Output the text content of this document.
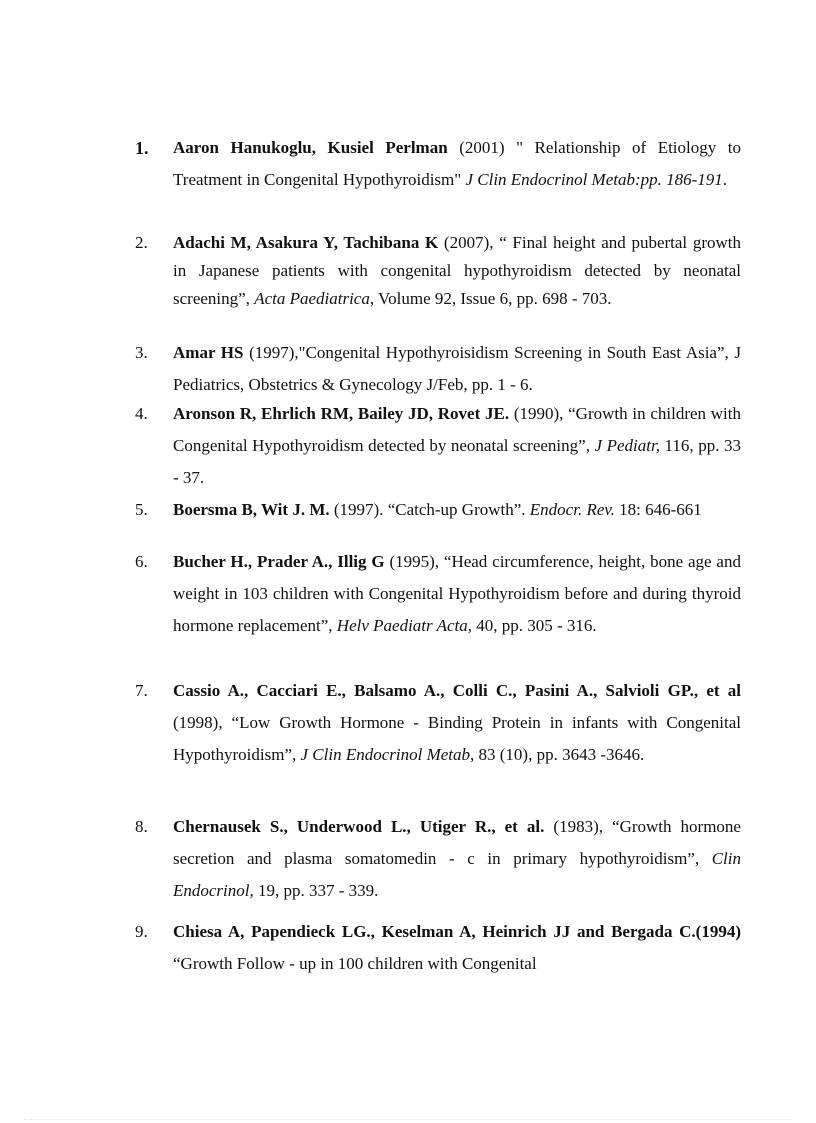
1.	Aaron Hanukoglu, Kusiel Perlman (2001) " Relationship of Etiology to Treatment in Congenital Hypothyroidism" J Clin Endocrinol Metab:pp. 186-191.
2.	Adachi M, Asakura Y, Tachibana K (2007), “ Final height and pubertal growth in Japanese patients with congenital hypothyroidism detected by neonatal screening”, Acta Paediatrica, Volume 92, Issue 6, pp. 698 - 703.
3.	Amar HS (1997),"Congenital Hypothyroisidism Screening in South East Asia”, J Pediatrics, Obstetrics & Gynecology J/Feb, pp. 1 - 6.
4.	Aronson R, Ehrlich RM, Bailey JD, Rovet JE. (1990), “Growth in children with Congenital Hypothyroidism detected by neonatal screening”, J Pediatr, 116, pp. 33 - 37.
5.	Boersma B, Wit J. M. (1997). “Catch-up Growth”. Endocr. Rev. 18: 646-661
6.	Bucher H., Prader A., Illig G (1995), “Head circumference, height, bone age and weight in 103 children with Congenital Hypothyroidism before and during thyroid hormone replacement”, Helv Paediatr Acta, 40, pp. 305 - 316.
7.	Cassio A., Cacciari E., Balsamo A., Colli C., Pasini A., Salvioli GP., et al (1998), “Low Growth Hormone - Binding Protein in infants with Congenital Hypothyroidism”, J Clin Endocrinol Metab, 83 (10), pp. 3643 -3646.
8.	Chernausek S., Underwood L., Utiger R., et al. (1983), “Growth hormone secretion and plasma somatomedin - c in primary hypothyroidism”, Clin Endocrinol, 19, pp. 337 - 339.
9.	Chiesa A, Papendieck LG., Keselman A, Heinrich JJ and Bergada C.(1994) “Growth Follow - up in 100 children with Congenital
